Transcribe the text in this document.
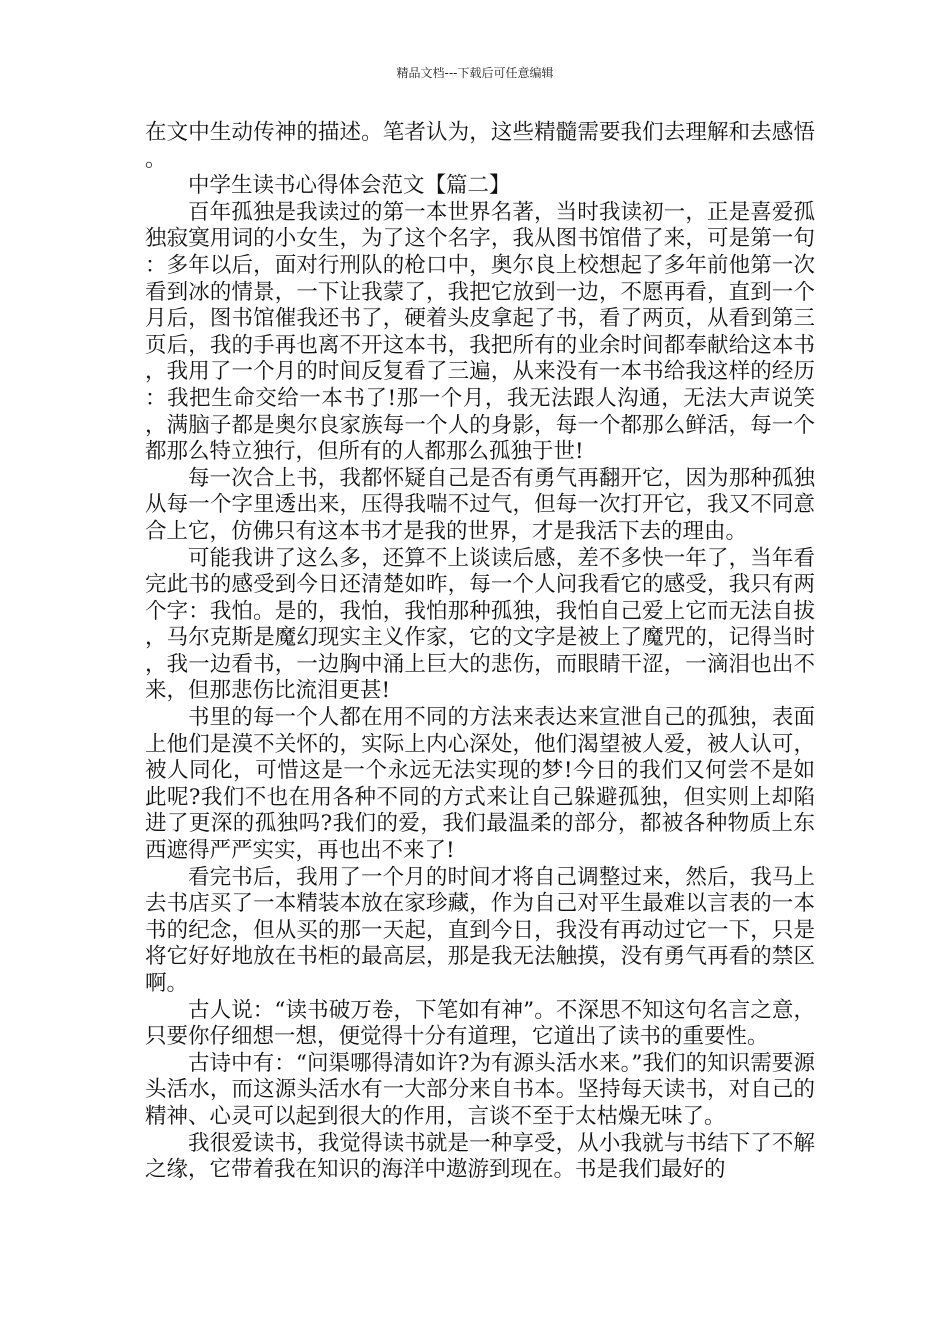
精品文档---下载后可任意编辑

在文中生动传神的描述。笔者认为，这些精髓需要我们去理解和去感悟。

中学生读书心得体会范文【篇二】

百年孤独是我读过的第一本世界名著，当时我读初一，正是喜爱孤独寂寞用词的小女生，为了这个名字，我从图书馆借了来，可是第一句：多年以后，面对行刑队的枪口中，奥尔良上校想起了多年前他第一次看到冰的情景，一下让我蒙了，我把它放到一边，不愿再看，直到一个月后，图书馆催我还书了，硬着头皮拿起了书，看了两页，从看到第三页后，我的手再也离不开这本书，我把所有的业余时间都奉献给这本书，我用了一个月的时间反复看了三遍，从来没有一本书给我这样的经历：我把生命交给一本书了!那一个月，我无法跟人沟通，无法大声说笑，满脑子都是奥尔良家族每一个人的身影，每一个都那么鲜活，每一个都那么特立独行，但所有的人都那么孤独于世!

每一次合上书，我都怀疑自己是否有勇气再翻开它，因为那种孤独从每一个字里透出来，压得我喘不过气，但每一次打开它，我又不同意合上它，仿佛只有这本书才是我的世界，才是我活下去的理由。

可能我讲了这么多，还算不上谈读后感，差不多快一年了，当年看完此书的感受到今日还清楚如昨，每一个人问我看它的感受，我只有两个字：我怕。是的，我怕，我怕那种孤独，我怕自己爱上它而无法自拔，马尔克斯是魔幻现实主义作家，它的文字是被上了魔咒的，记得当时，我一边看书，一边胸中涌上巨大的悲伤，而眼睛干涩，一滴泪也出不来，但那悲伤比流泪更甚!

书里的每一个人都在用不同的方法来表达来宣泄自己的孤独，表面上他们是漠不关怀的，实际上内心深处，他们渴望被人爱，被人认可，被人同化，可惜这是一个永远无法实现的梦!今日的我们又何尝不是如此呢?我们不也在用各种不同的方式来让自己躲避孤独，但实则上却陷进了更深的孤独吗?我们的爱，我们最温柔的部分，都被各种物质上东西遮得严严实实，再也出不来了!

看完书后，我用了一个月的时间才将自己调整过来，然后，我马上去书店买了一本精装本放在家珍藏，作为自己对平生最难以言表的一本书的纪念，但从买的那一天起，直到今日，我没有再动过它一下，只是将它好好地放在书柜的最高层，那是我无法触摸，没有勇气再看的禁区啊。

古人说：“读书破万卷，下笔如有神”。不深思不知这句名言之意，只要你仔细想一想，便觉得十分有道理，它道出了读书的重要性。

古诗中有：“问渠哪得清如许?为有源头活水来。”我们的知识需要源头活水，而这源头活水有一大部分来自书本。坚持每天读书，对自己的精神、心灵可以起到很大的作用，言谈不至于太枯燥无味了。

我很爱读书，我觉得读书就是一种享受，从小我就与书结下了不解之缘，它带着我在知识的海洋中遨游到现在。书是我们最好的
